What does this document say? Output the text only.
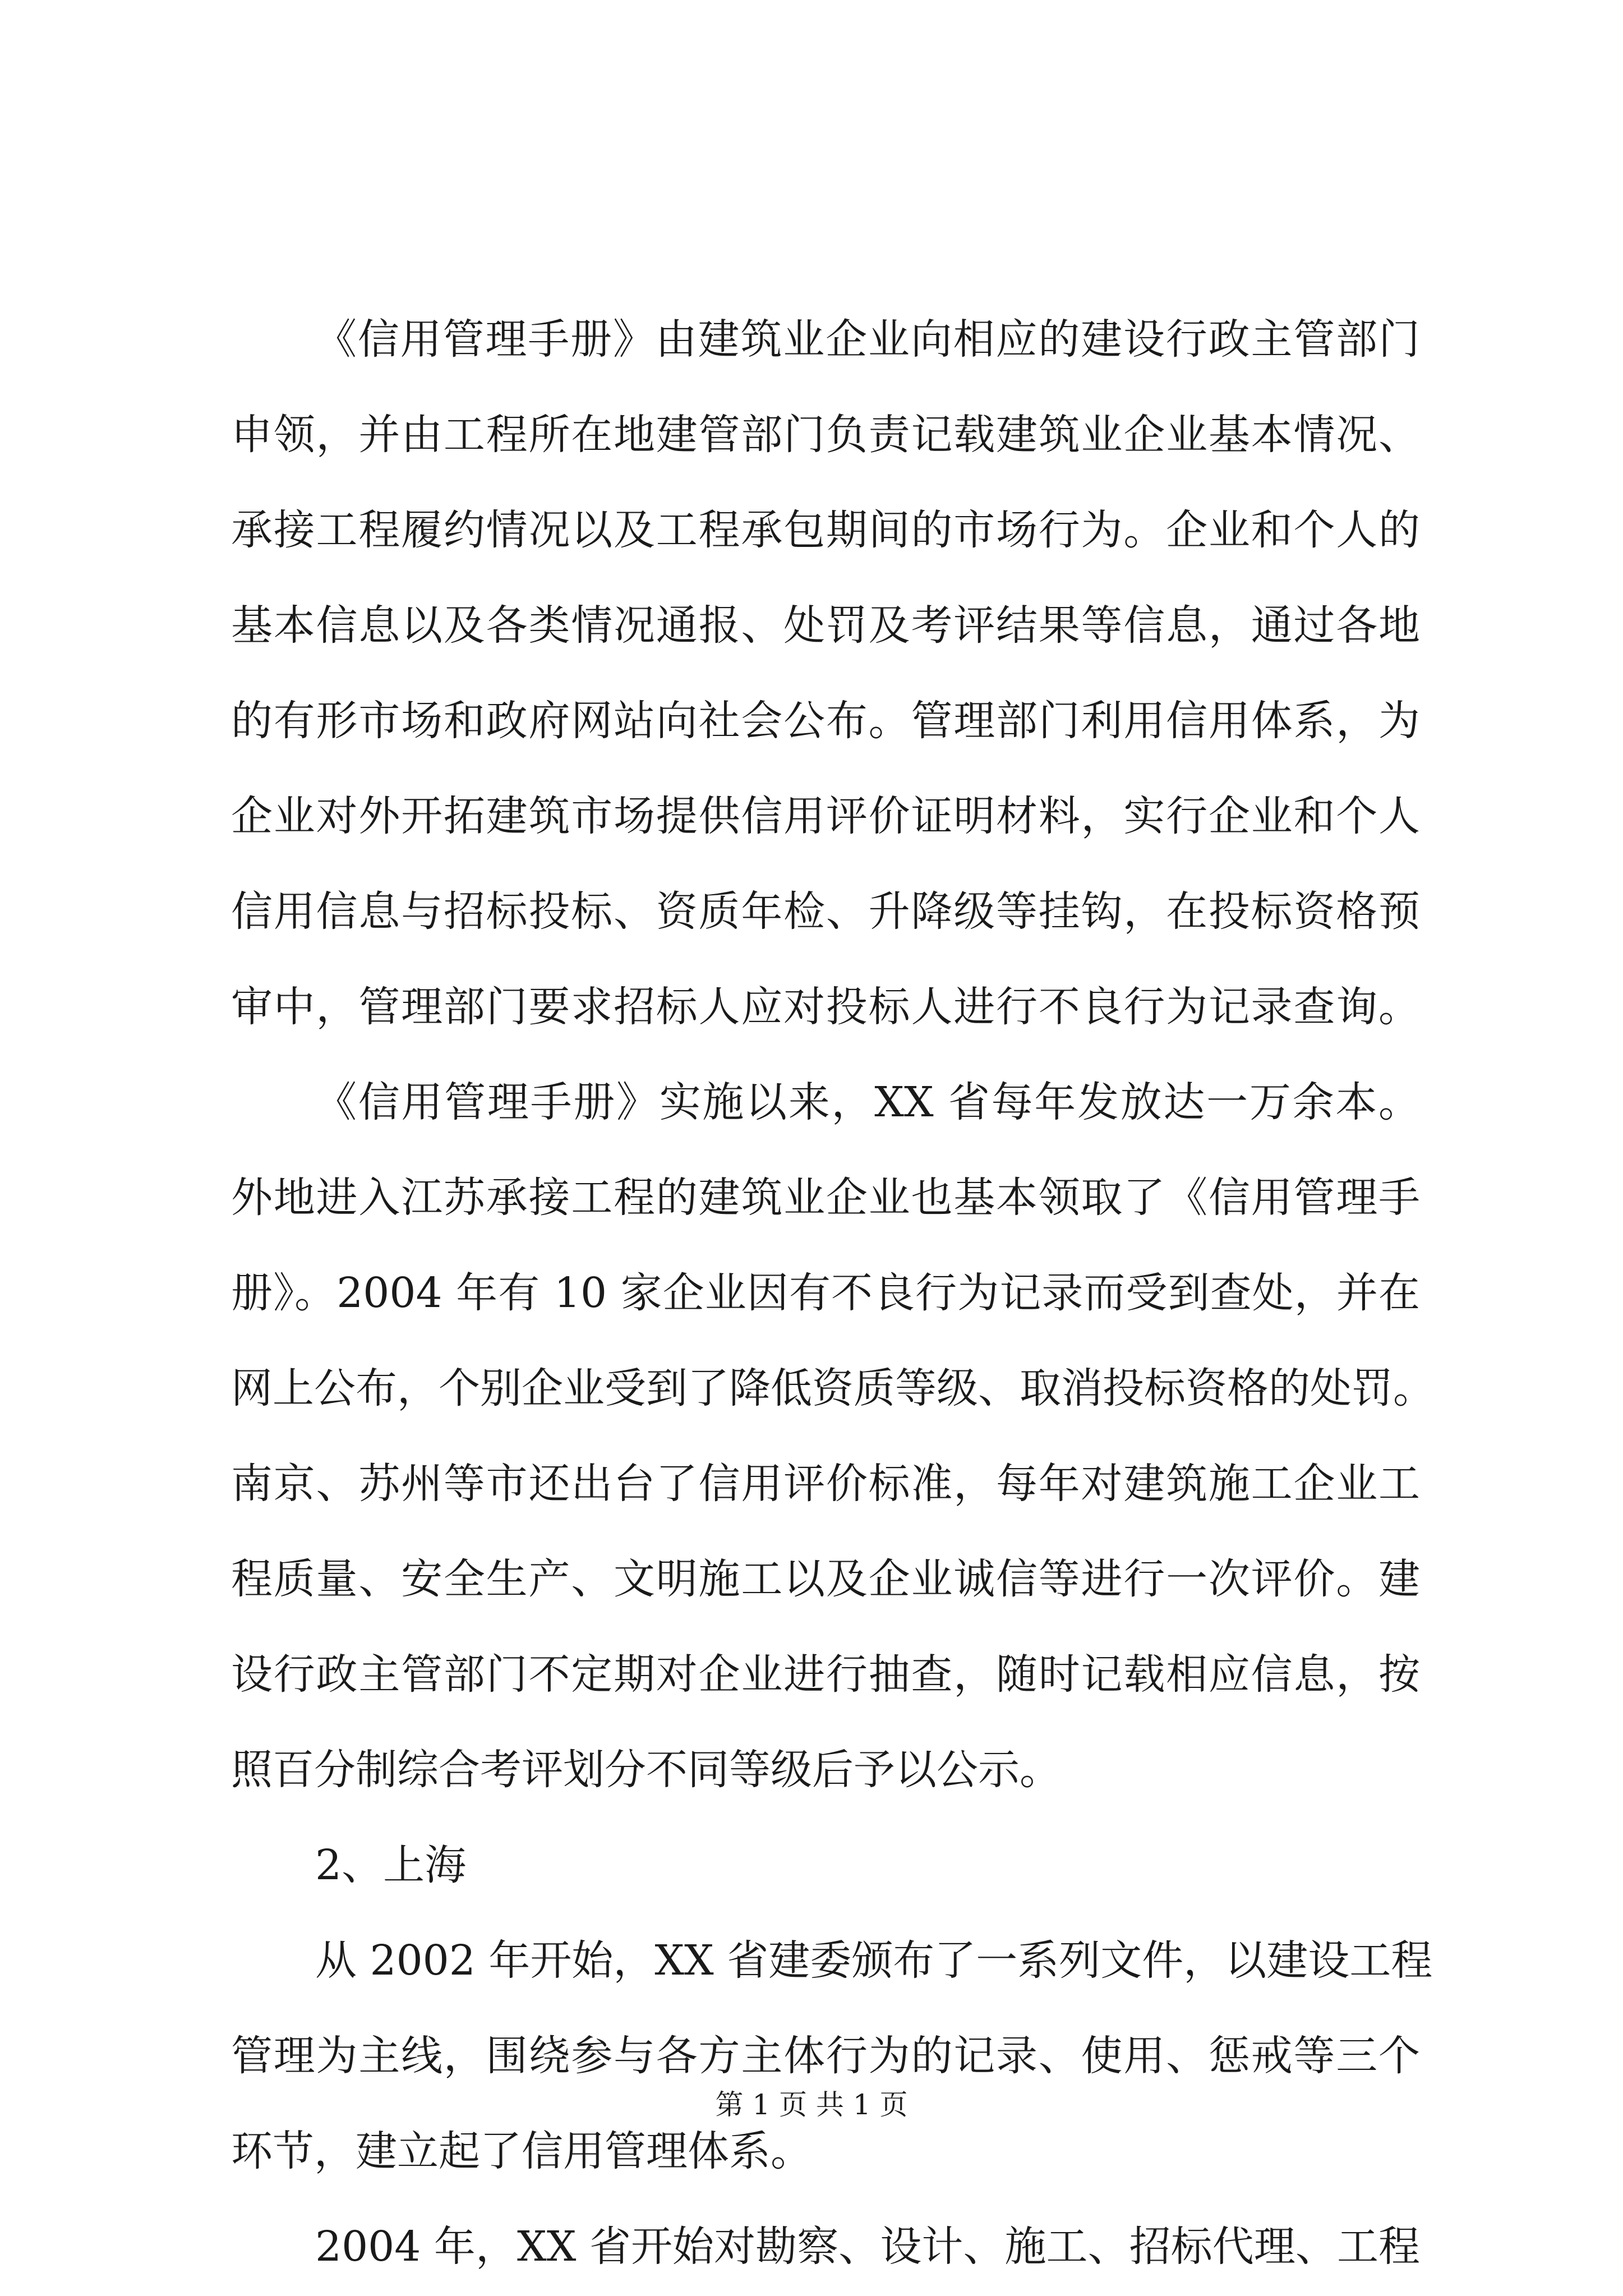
《信用管理手册》由建筑业企业向相应的建设行政主管部门
申领，并由工程所在地建管部门负责记载建筑业企业基本情况、
承接工程履约情况以及工程承包期间的市场行为。企业和个人的
基本信息以及各类情况通报、处罚及考评结果等信息，通过各地
的有形市场和政府网站向社会公布。管理部门利用信用体系，为
企业对外开拓建筑市场提供信用评价证明材料，实行企业和个人
信用信息与招标投标、资质年检、升降级等挂钩，在投标资格预
审中，管理部门要求招标人应对投标人进行不良行为记录查询。
《信用管理手册》实施以来，XX 省每年发放达一万余本。
外地进入江苏承接工程的建筑业企业也基本领取了《信用管理手
册》。2004 年有 10 家企业因有不良行为记录而受到查处，并在
网上公布，个别企业受到了降低资质等级、取消投标资格的处罚。
南京、苏州等市还出台了信用评价标准，每年对建筑施工企业工
程质量、安全生产、文明施工以及企业诚信等进行一次评价。建
设行政主管部门不定期对企业进行抽查，随时记载相应信息，按
照百分制综合考评划分不同等级后予以公示。
2、上海
从 2002 年开始，XX 省建委颁布了一系列文件，以建设工程
管理为主线，围绕参与各方主体行为的记录、使用、惩戒等三个
环节，建立起了信用管理体系。
2004 年，XX 省开始对勘察、设计、施工、招标代理、工程
第 1 页 共 1 页
